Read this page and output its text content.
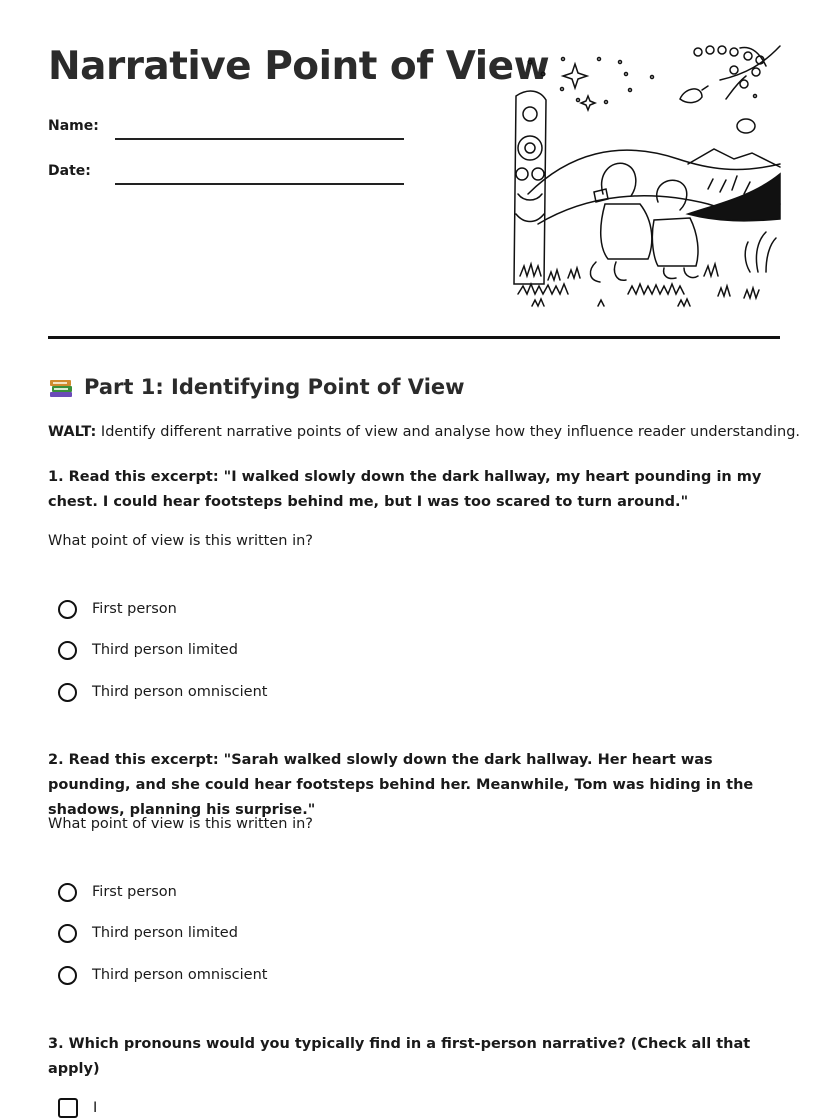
Narrative Point of View
Name:
Date:
Part 1: Identifying Point of View

WALT: Identify different narrative points of view and analyse how they influence reader understanding.

1. Read this excerpt: "I walked slowly down the dark hallway, my heart pounding in my chest. I could hear footsteps behind me, but I was too scared to turn around."

What point of view is this written in?

First person
Third person limited
Third person omniscient

2. Read this excerpt: "Sarah walked slowly down the dark hallway. Her heart was pounding, and she could hear footsteps behind her. Meanwhile, Tom was hiding in the shadows, planning his surprise."

What point of view is this written in?

First person
Third person limited
Third person omniscient

3. Which pronouns would you typically find in a first-person narrative? (Check all that apply)

I
